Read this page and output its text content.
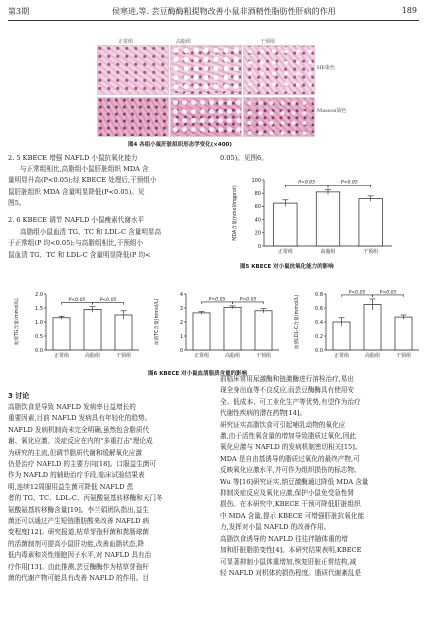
第3期	侯寒进,等. 芸豆酶酶粗提物改善小鼠非酒精性脂肪性肝病的作用	189
正常组	高脂组	干预组
HE染色
Masson染色
图4 各组小鼠肝脏组织形态学变化(×400)
2. 5 KBECE 增强 NAFLD 小鼠抗氧化能力

与正常组相比,高脂组小鼠肝脏组织 MDA 含

量明显升高(P<0.05);经 KBECE 处理后,干预组小

鼠肝脏组织 MDA 含量明显降低(P<0.05)。见

图5。

2. 6 KBECE 调节 NAFLD 小鼠瘦素代谢水平

高脂组小鼠血清 TG、TC 和 LDL-C 含量明显高

于正常组(P 均<0.05);与高脂组相比,干预组小

鼠血清 TG、TC 和 LDL-C 含量明显降低(P 均<

0.05)。见图6。
0
20
40
60
80
100
MDA含量(nmol/mgprot)
正常组	高脂组	干预组
P<0.05	P<0.05
图5 KBECE 对小鼠抗氧化能力的影响
0.0
0.5
1.0
1.5
2.0
血清TG含量(mmol/L)
正常组	高脂组	干预组
P<0.05	P<0.05
0
1
2
3
4
血清TC含量(mmol/L)
正常组	高脂组	干预组
P<0.05	P<0.05
0.0
0.2
0.4
0.6
0.8
血清LDL-C含量(mmol/L)
正常组	高脂组	干预组
P<0.05	P<0.05
图6 KBECE 对小鼠血清脂质含量的影响
3 讨论

高脂饮食是导致 NAFLD 发病率日益增长的

重要因素,目前 NAFLD 发病具有年轻化的趋势。

NAFLD 发病机制尚未完全明确,虽然包含脂质代

谢、氧化应激、炎症反应在内的"多重打击"理论成

为研究的主流,但调节脂质代谢和缓解氧化应激

仍是治疗 NAFLD 的主要方向[18]。口服益生菌可

作为 NAFLD 的辅助治疗手段,临床试验结果表

明,连续12周服用益生菌可降低 NAFLD 患

者的 TG、TC、LDL-C、丙氨酸氨基转移酶和天门冬

氨酸氨基转移酶含量[19]。李兰娟团队指出,益生

菌还可以通过产生短链脂肪酸来改善 NAFLD 病

变程度[12]。研究报道,枯草芽孢杆菌和粪肠球菌

的活菌制剂可提高小鼠肝功能,改善血脂状态,降

低内毒素和炎性细胞因子水平,对 NAFLD 具有治

疗作用[13]。由此推测,芸豆酶酶作为枯草芽孢杆

菌的代谢产物可能具有改善 NAFLD 的作用。目

前临床常用尿激酶和链激酶进行溶栓治疗,易出

现全身出血等不良反应,而芸豆酶酶具有使用安

全、低成本、可工业化生产等优势,有望作为治疗

代谢性疾病的潜在药物[14]。

研究证实高脂饮食可引起哺乳动物的氧化应

激,由于活性氧含量的增加导致脂质过氧化,因此

氧化应激与 NAFLD 的发病机制密切相关[15]。

MDA 是自由基诱导的脂质过氧化的最终产物,可

反映氧化应激水平,并可作为组织损伤的标志物。

Wu 等[16]研究证实,纳豆激酶通过降低 MDA 含量

抑制炎症反应及氧化应激,保护小鼠免受急性肾

损伤。在本研究中,KBECE 干预可降低肝脏组织

中 MDA 含量,提示 KBECE 可增强肝脏抗氧化能

力,发挥对小鼠 NAFLD 的改善作用。

高脂饮食诱导的 NAFLD 往往伴随体重的增

加和肝脏脂肪变性[4]。本研究结果表明,KBECE

可显著抑制小鼠体重增加,恢复肝脏正常结构,减

轻 NAFLD 对机体的损伤程度。脂质代谢紊乱是
